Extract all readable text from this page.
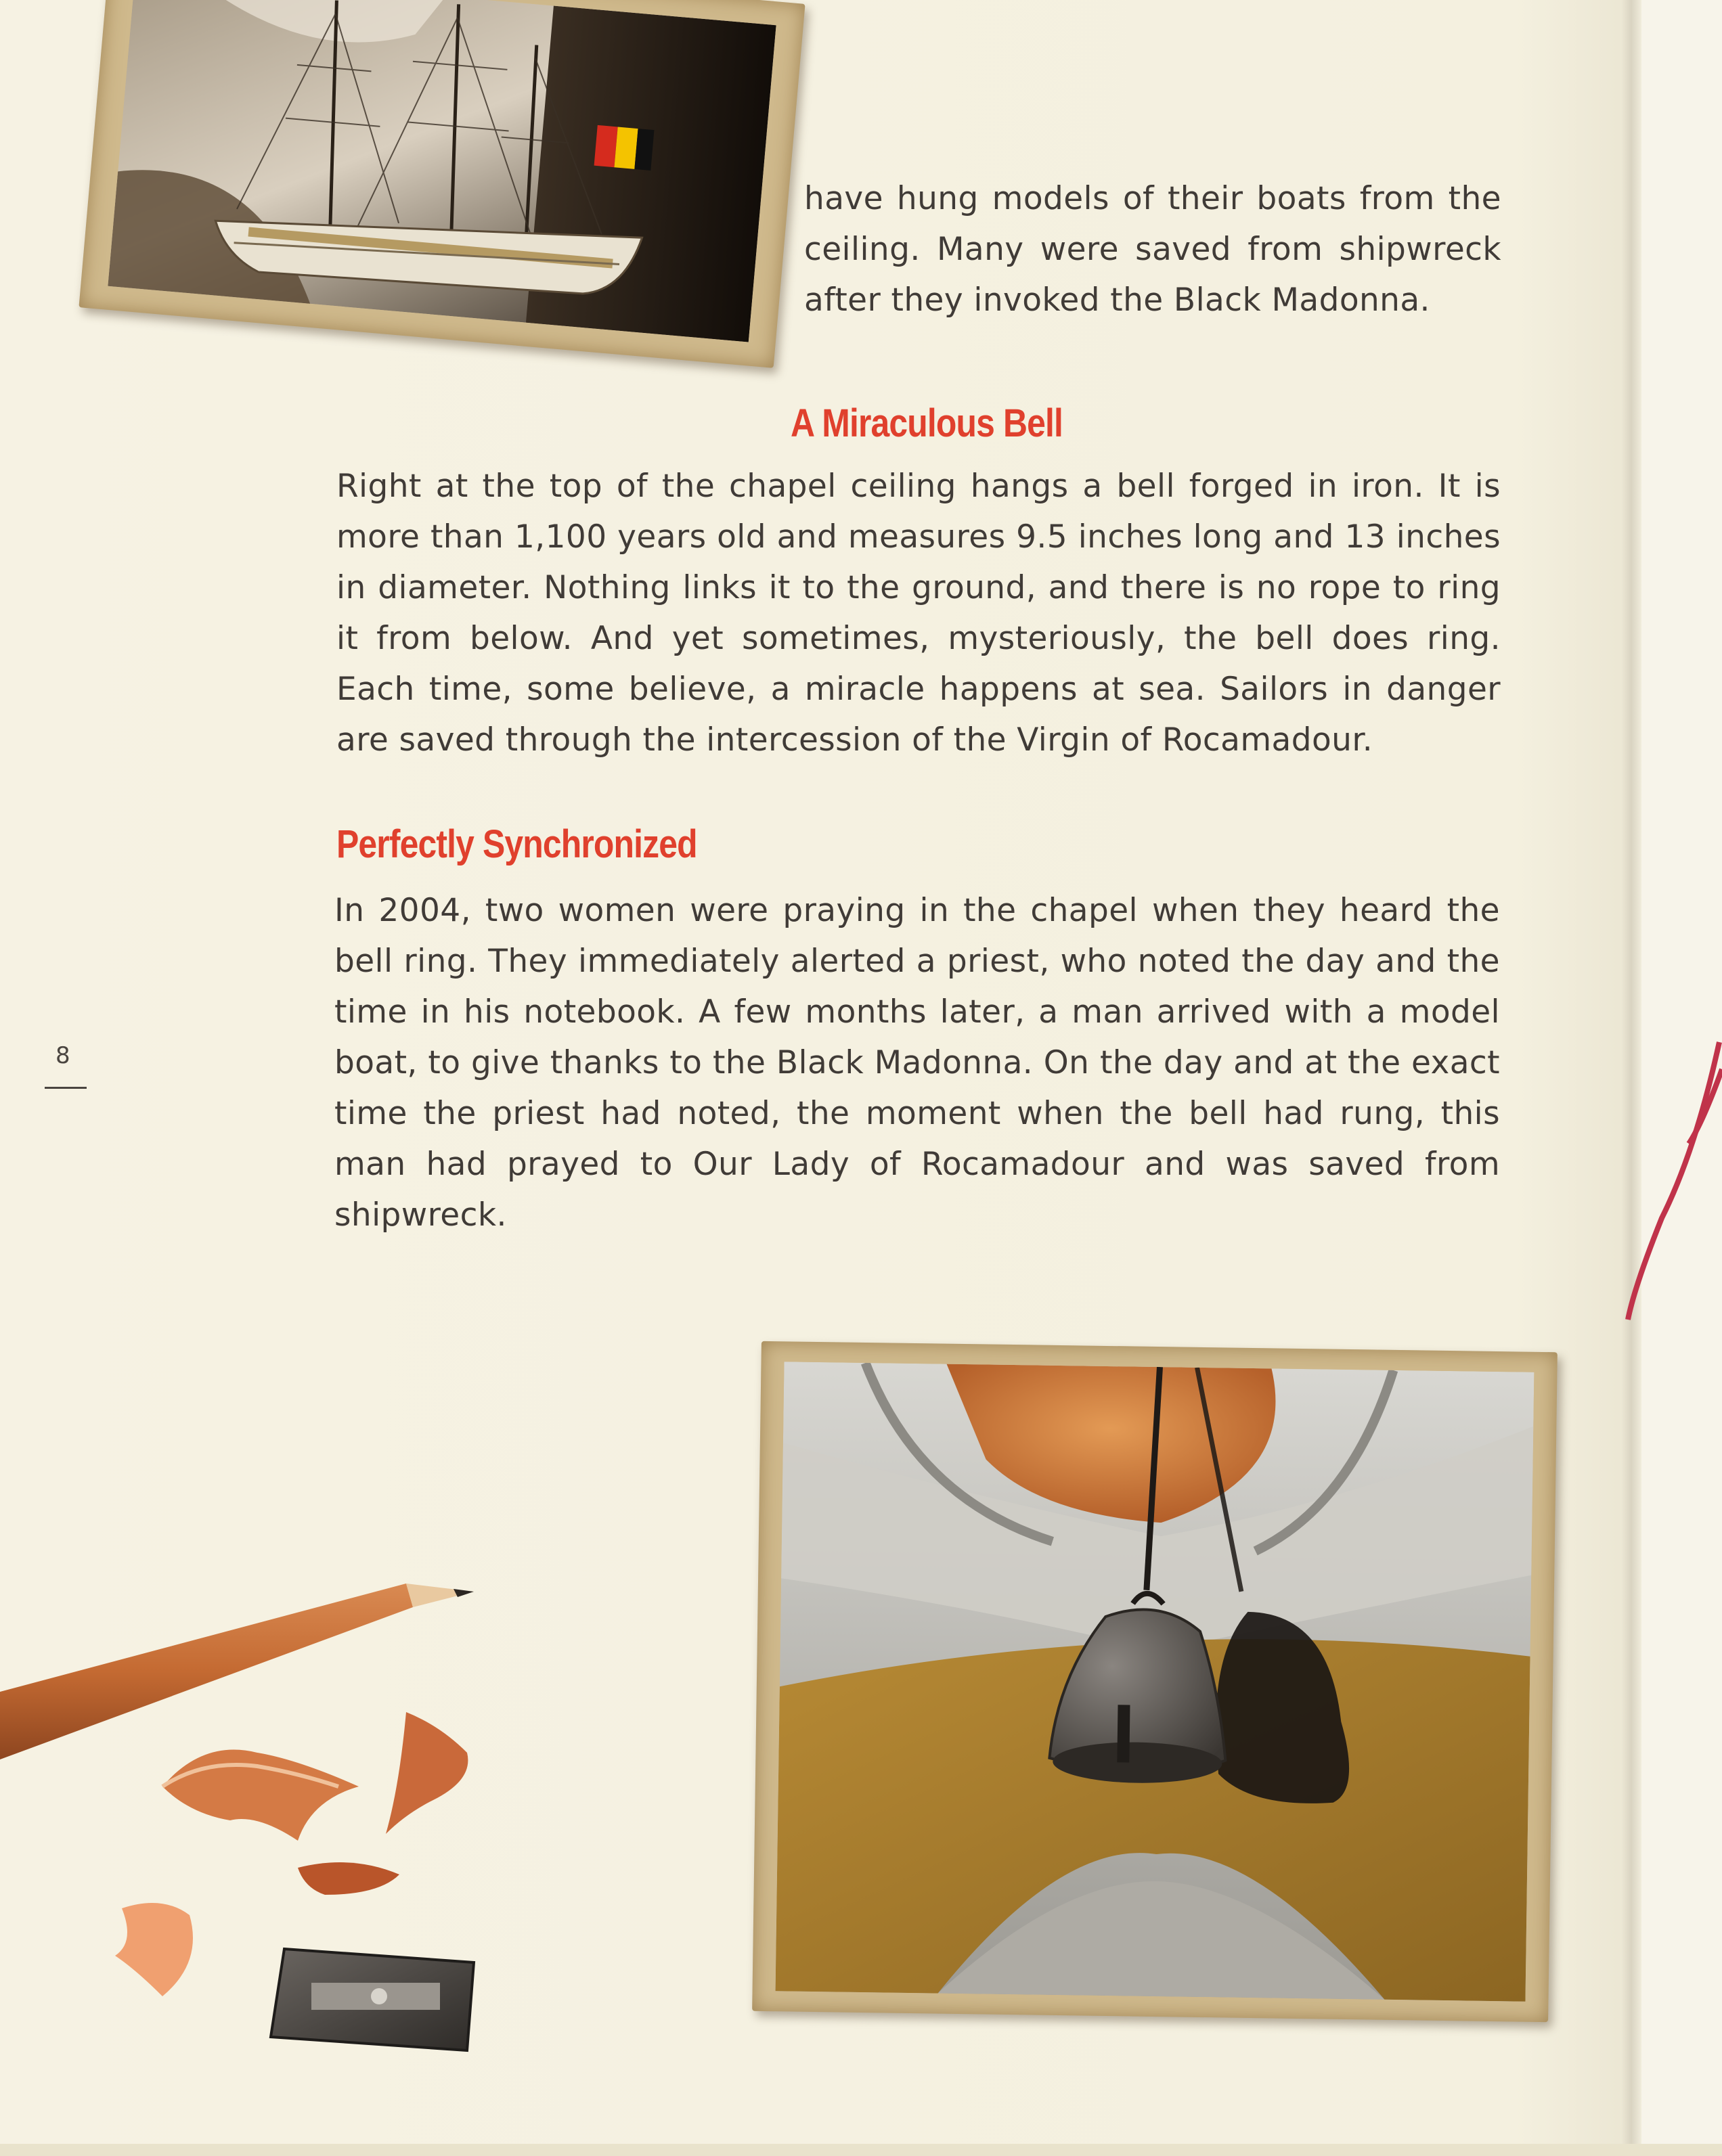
have hung models of their boats from the ceiling. Many were saved from shipwreck after they invoked the Black Madonna.

A Miraculous Bell

Right at the top of the chapel ceiling hangs a bell forged in iron. It is more than 1,100 years old and measures 9.5 inches long and 13 inches in diameter. Nothing links it to the ground, and there is no rope to ring it from below. And yet sometimes, mysteriously, the bell does ring. Each time, some believe, a miracle happens at sea. Sailors in danger are saved through the intercession of the Virgin of Rocamadour.

Perfectly Synchronized

In 2004, two women were praying in the chapel when they heard the bell ring. They immediately alerted a priest, who noted the day and the time in his notebook. A few months later, a man arrived with a model boat, to give thanks to the Black Madonna. On the day and at the exact time the priest had noted, the moment when the bell had rung, this man had prayed to Our Lady of Rocamadour and was saved from shipwreck.

8
